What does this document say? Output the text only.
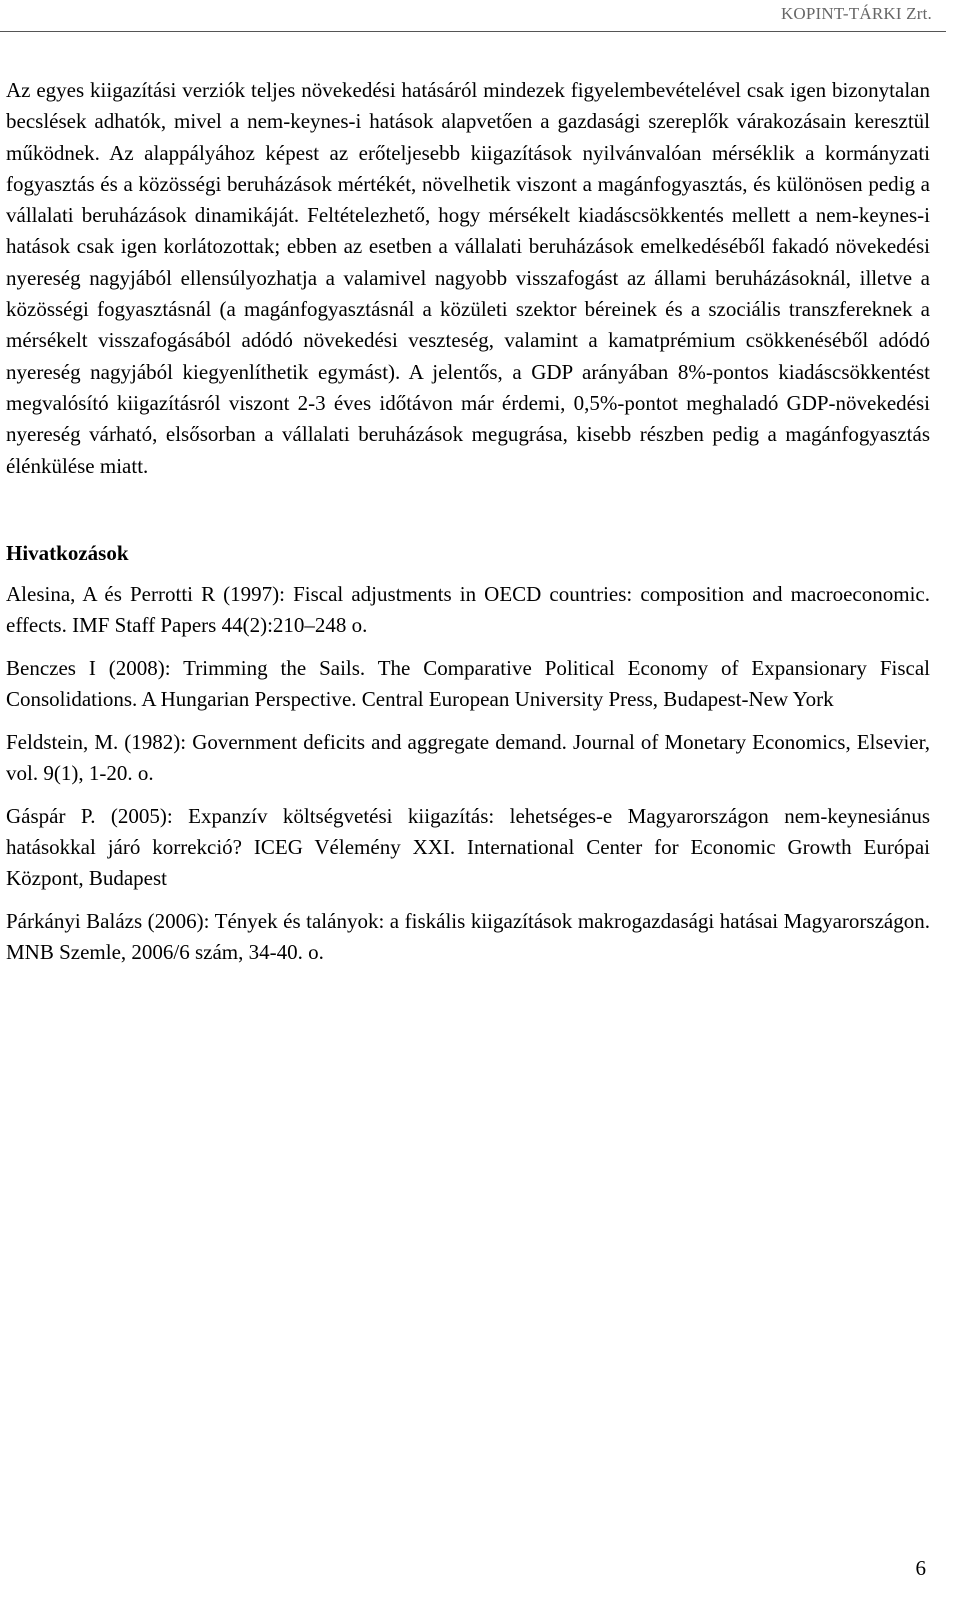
KOPINT-TÁRKI Zrt.

Az egyes kiigazítási verziók teljes növekedési hatásáról mindezek figyelembevételével csak igen bizonytalan becslések adhatók, mivel a nem-keynes-i hatások alapvetően a gazdasági szereplők várakozásain keresztül működnek. Az alappályához képest az erőteljesebb kiigazítások nyilvánvalóan mérséklik a kormányzati fogyasztás és a közösségi beruházások mértékét, növelhetik viszont a magánfogyasztás, és különösen pedig a vállalati beruházások dinamikáját. Feltételezhető, hogy mérsékelt kiadáscsökkentés mellett a nem-keynes-i hatások csak igen korlátozottak; ebben az esetben a vállalati beruházások emelkedéséből fakadó növekedési nyereség nagyjából ellensúlyozhatja a valamivel nagyobb visszafogást az állami beruházásoknál, illetve a közösségi fogyasztásnál (a magánfogyasztásnál a közületi szektor béreinek és a szociális transzfereknek a mérsékelt visszafogásából adódó növekedési veszteség, valamint a kamatprémium csökkenéséből adódó nyereség nagyjából kiegyenlíthetik egymást). A jelentős, a GDP arányában 8%-pontos kiadáscsökkentést megvalósító kiigazításról viszont 2-3 éves időtávon már érdemi, 0,5%-pontot meghaladó GDP-növekedési nyereség várható, elsősorban a vállalati beruházások megugrása, kisebb részben pedig a magánfogyasztás élénkülése miatt.

Hivatkozások

Alesina, A és Perrotti R (1997): Fiscal adjustments in OECD countries: composition and macroeconomic. effects. IMF Staff Papers 44(2):210–248 o.

Benczes I (2008): Trimming the Sails. The Comparative Political Economy of Expansionary Fiscal Consolidations. A Hungarian Perspective. Central European University Press, Budapest-New York

Feldstein, M. (1982): Government deficits and aggregate demand. Journal of Monetary Economics, Elsevier, vol. 9(1), 1-20. o.

Gáspár P. (2005): Expanzív költségvetési kiigazítás: lehetséges-e Magyarországon nem-keynesiánus hatásokkal járó korrekció? ICEG Vélemény XXI. International Center for Economic Growth Európai Központ, Budapest

Párkányi Balázs (2006): Tények és talányok: a fiskális kiigazítások makrogazdasági hatásai Magyarországon. MNB Szemle, 2006/6 szám, 34-40. o.

6
